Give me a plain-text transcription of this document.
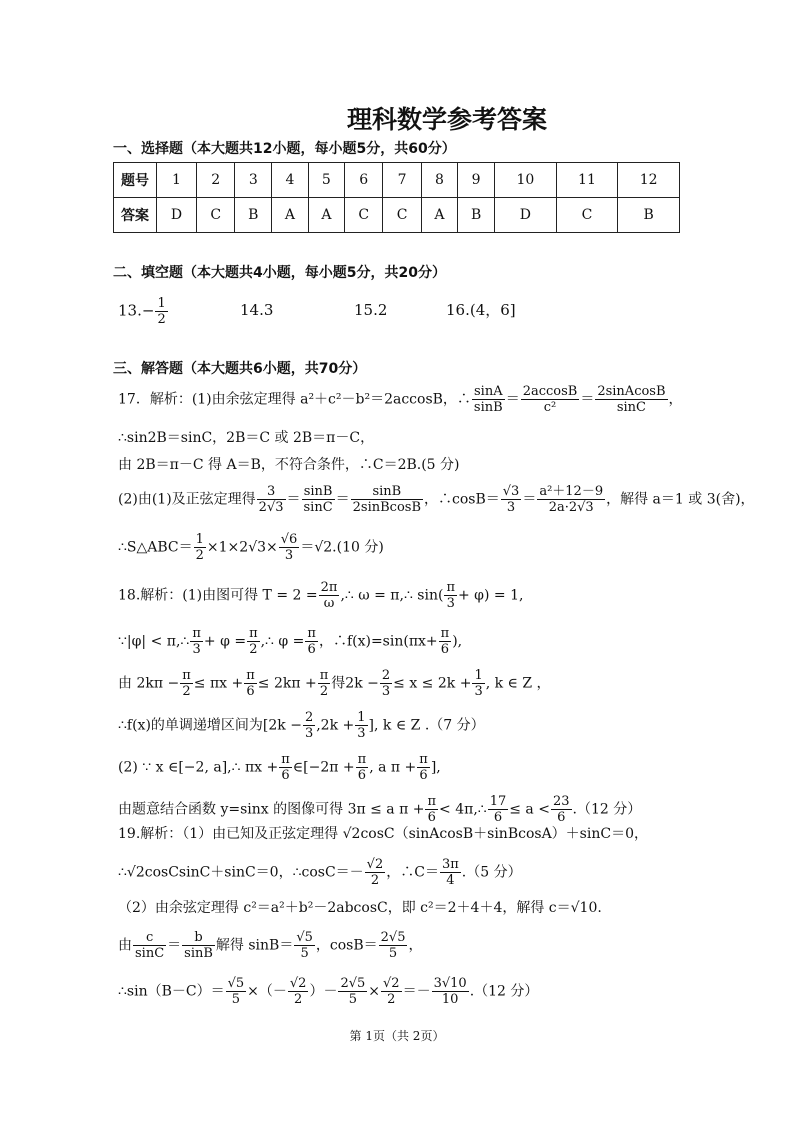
理科数学参考答案
一、选择题（本大题共12小题，每小题5分，共60分）
题号	1	2	3	4	5	6	7	8	9	10	11	12
答案	D	C	B	A	A	C	C	A	B	D	C	B
二、填空题（本大题共4小题，每小题5分，共20分）
$13.- \frac{1}{2}$	14.3	15.2	16.(4，6]
三、解答题（本大题共6小题，共70分）
17．解析：(1)由余弦定理得 a²＋c²－b²＝2accosB，∴ $\frac{\sin A}{\sin B} = \frac{2accosB}{\text{c²}} = \frac{\text{2sinAcosB}}{\sin C}$ ，
∴sin2B＝sinC，2B＝C 或 2B＝π－C，
由 2B＝π－C 得 A＝B，不符合条件，∴C＝2B.(5 分)
(2)由(1)及正弦定理得 $\frac{3}{2√3} = \frac{\sin B}{\sin C} = \frac{\sin B}{\text{2sinBcosB}}$ ，∴cosB＝ $\frac{√3}{3} = \frac{\text{a²＋12－9}}{2a\cdot 2√3}$ ，解得 a＝1 或 3(舍)，
∴S△ABC＝ $\frac{1}{2} \times 1\times 2√3\times \frac{√6}{3} =√2.(10$ 分)
18.解析：(1)由图可得 $T = 2 = \frac{2\pi}{\omega}$ ,∴ ω = π,∴ $\sin( \frac{\pi}{3} + \varphi) = 1$,
∵|φ| < π,∴ $\frac{\pi}{3} + \varphi = \frac{\pi}{2}$ ,∴ $\varphi = \frac{\pi}{6}$ ，∴f(x)=sin(πx+ $\frac{\pi}{6}$ ),
由 $2k\pi - \frac{\pi}{2} \le \pi x + \frac{\pi}{6} \le 2k\pi + \frac{\pi}{2}$ 得$2k - \frac{2}{3} \le x \le 2k + \frac{1}{3}$ , k ∈ Z ，
∴f(x)的单调递增区间为[$2k - \frac{2}{3} ,2k + \frac{1}{3}$ ], k ∈ Z .（7 分）
(2) ∵ x ∈[−2, a],∴ $\pi x + \frac{\pi}{6}$ ∈[−2π + $\frac{\pi}{6}$ , a $\pi + \frac{\pi}{6}$ ],
由题意结合函数 y=sinx 的图像可得 3π ≤ a $\pi + \frac{\pi}{6}$ < 4π,∴ $\frac{17}{6} \le a < \frac{23}{6} .(12$ 分）
19.解析：（1）由已知及正弦定理得 √2cosC（sinAcosB＋sinBcosA）＋sinC＝0，
∴√2cosCsinC＋sinC＝0，∴cosC＝－ $\frac{√2}{2}$ ，∴C＝ $\frac{3\pi}{4} .(5$ 分）
（2）由余弦定理得 c²＝a²＋b²－2abcosC，即 c²＝2＋4＋4，解得 c＝√10.
由 $\frac{c}{\sin C} = \frac{b}{\sin B}$ 解得 $\sin B= \frac{√5}{5}$ ，$\cos B= \frac{2√5}{5}$ ，
∴sin（B－C）＝ $\frac{√5}{5}$ ×（－ $\frac{√2}{2}$ ）－ $\frac{2√5}{5} \times \frac{√2}{2} =- \frac{3√10}{10} .(12$ 分）
第 1页（共 2页）
